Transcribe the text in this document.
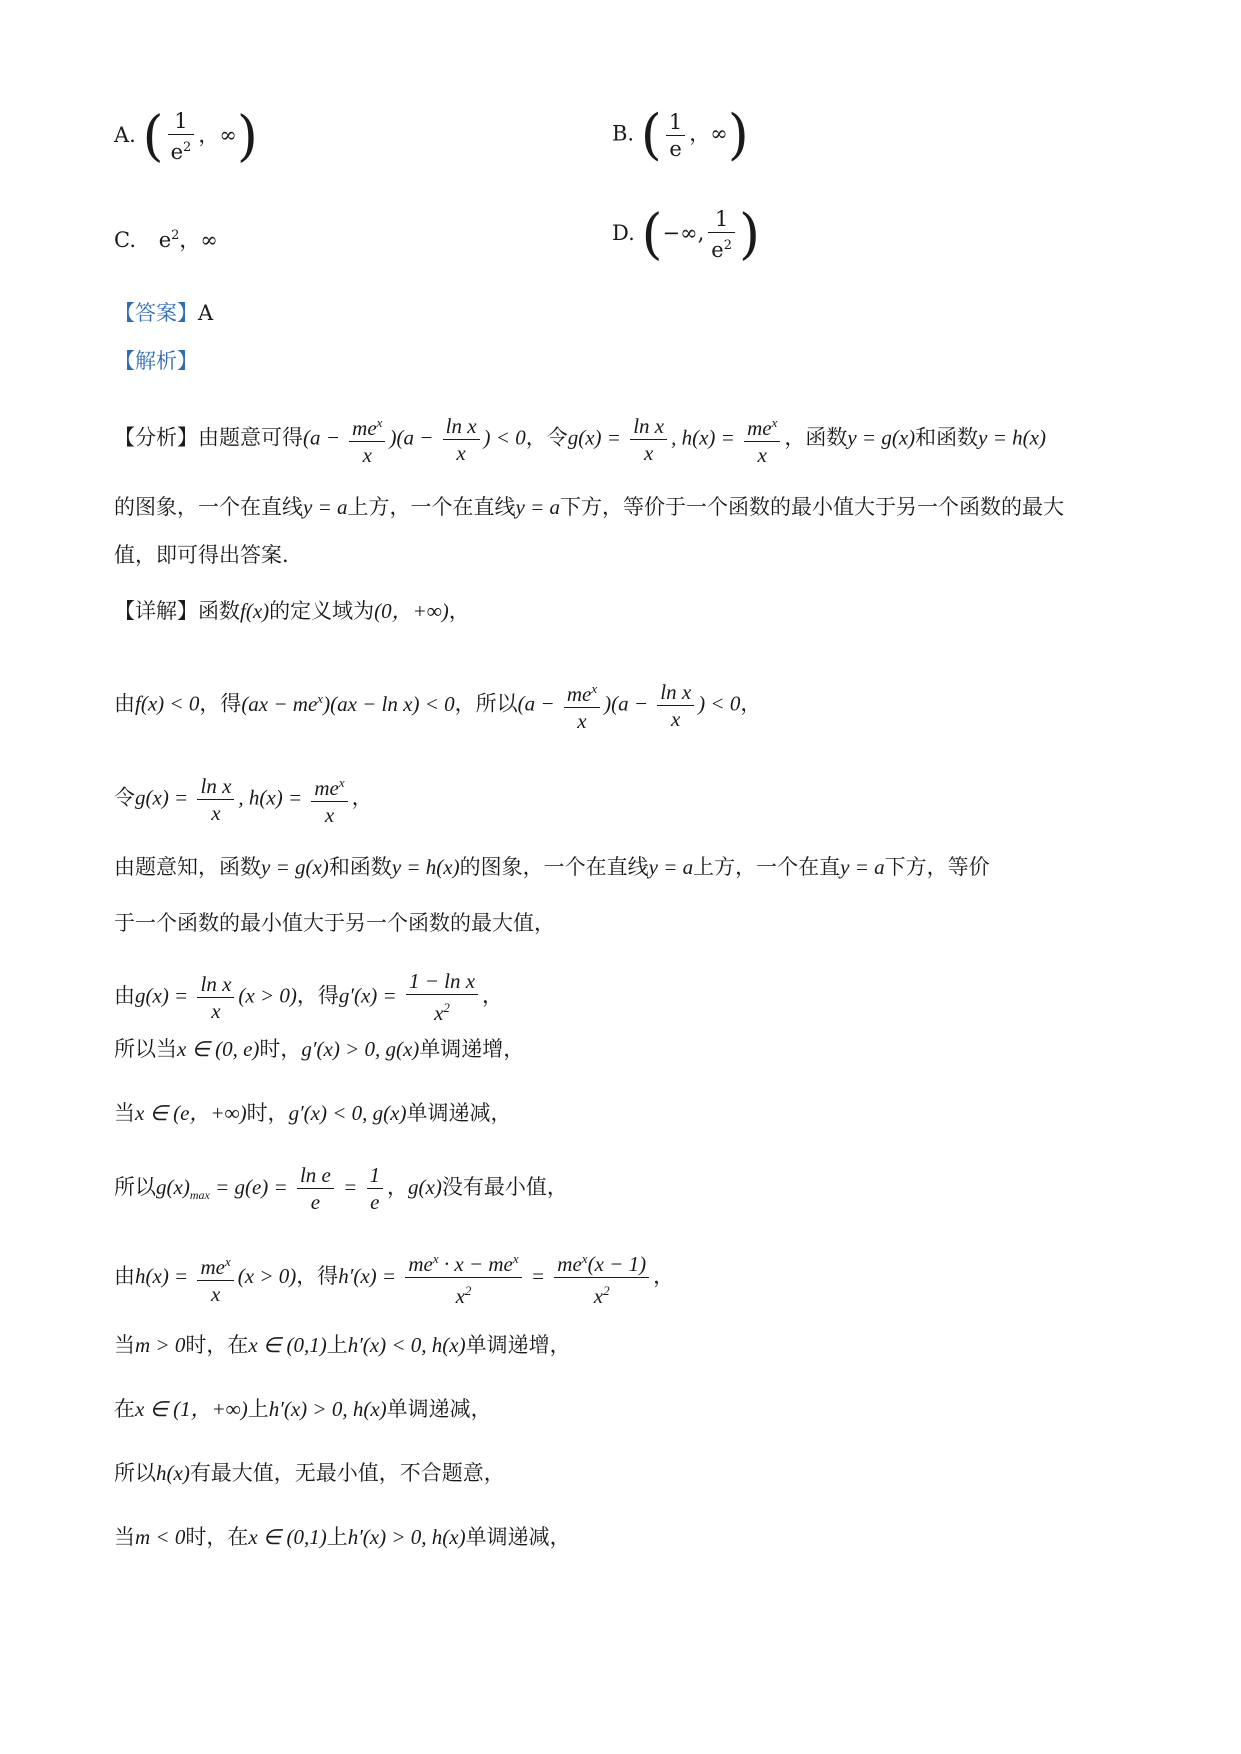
A. ( $\frac{1}{e^2}$ ，∞)	B. ( $\frac{1}{e}$ ，∞)
C. $e^2$，∞	D. (−∞, $\frac{1}{e^2}$ )
【答案】A
【解析】
【分析】由题意可得$(a - \frac{me^x}{x} )(a - \frac{\text{ln x}}{x}$ ) < 0，令$g(x) = \frac{\text{ln x}}{x}$ , $h(x) = \frac{me^x}{x}$ ，函数y = g(x)和函数y = h(x)
的图象，一个在直线y = a上方，一个在直线y = a下方，等价于一个函数的最小值大于另一个函数的最大
值，即可得出答案.
【详解】函数f(x)的定义域为(0，+∞)，
由f(x) < 0，得$(ax - me^x)(ax - \ln x) < 0$，所以$(a - \frac{me^x}{x} )(a - \frac{\text{ln x}}{x}$ ) < 0，
令$g(x) = \frac{\text{ln x}}{x}$ , $h(x) = \frac{me^x}{x}$ ，
由题意知，函数y = g(x)和函数y = h(x)的图象，一个在直线y = a上方，一个在直y = a下方，等价
于一个函数的最小值大于另一个函数的最大值，
由$g(x) = \frac{\text{ln x}}{x} (x > 0)$，得$g'(x) = \frac{\text{1 − ln x}}{x^2}$ ，
所以当x ∈ (0, e)时，g′(x) > 0, g(x)单调递增，
当x ∈ (e，+∞)时，g′(x) < 0, g(x)单调递减，
所以$g(x)_{max} = g(e) = \frac{\text{ln e}}{e} = \frac{1}{e}$ ，g(x)没有最小值，
由$h(x) = \frac{me^x}{x} (x > 0)$，得$h'(x) = \frac{me^x \cdot x - me^x}{x^2} = \frac{me^x(x - 1)}{x^2}$ ，
当m > 0时，在x ∈ (0,1)上h′(x) < 0, h(x)单调递增，
在x ∈ (1，+∞)上h′(x) > 0, h(x)单调递减，
所以h(x)有最大值，无最小值，不合题意，
当m < 0时，在x ∈ (0,1)上h′(x) > 0, h(x)单调递减，
